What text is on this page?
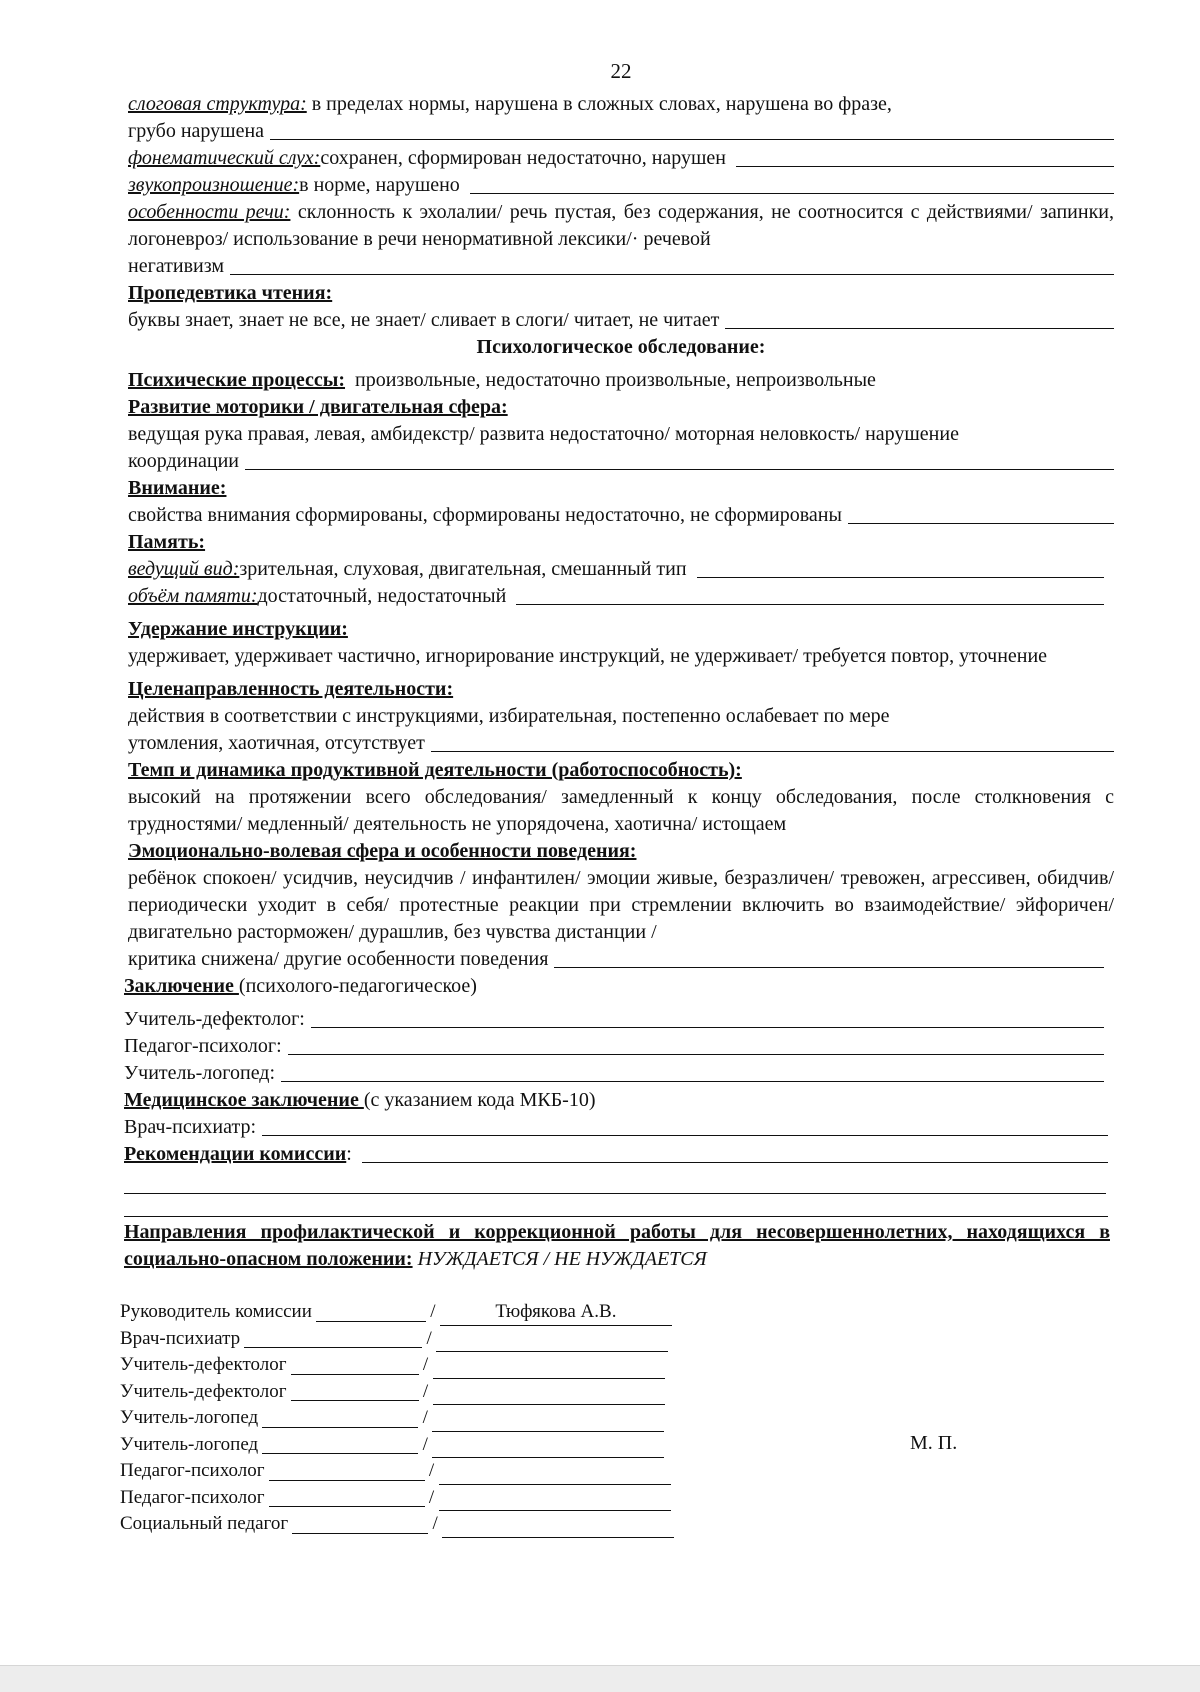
22
слоговая структура: в пределах нормы, нарушена в сложных словах, нарушена во фразе,
грубо нарушена
фонематический слух: сохранен, сформирован недостаточно, нарушен
звукопроизношение: в норме, нарушено
особенности речи: склонность к эхолалии/ речь пустая, без содержания, не соотносится с действиями/ запинки, логоневроз/ использование в речи ненормативной лексики/· речевой
негативизм
Пропедевтика чтения:
буквы знает, знает не все, не знает/ сливает в слоги/ читает, не читает
Психологическое обследование:
Психические процессы: произвольные, недостаточно произвольные, непроизвольные
Развитие моторики / двигательная сфера:
ведущая рука правая, левая, амбидекстр/ развита недостаточно/ моторная неловкость/ нарушение
координации
Внимание:
свойства внимания сформированы, сформированы недостаточно, не сформированы
Память:
ведущий вид: зрительная, слуховая, двигательная, смешанный тип
объём памяти: достаточный, недостаточный
Удержание инструкции:
удерживает, удерживает частично, игнорирование инструкций, не удерживает/ требуется повтор, уточнение
Целенаправленность деятельности:
действия в соответствии с инструкциями, избирательная, постепенно ослабевает по мере
утомления, хаотичная, отсутствует
Темп и динамика продуктивной деятельности (работоспособность):
высокий на протяжении всего обследования/ замедленный к концу обследования, после столкновения с трудностями/ медленный/ деятельность не упорядочена, хаотична/ истощаем
Эмоционально-волевая сфера и особенности поведения:
ребёнок спокоен/ усидчив, неусидчив / инфантилен/ эмоции живые, безразличен/ тревожен, агрессивен, обидчив/периодически уходит в себя/ протестные реакции при стремлении включить во взаимодействие/ эйфоричен/ двигательно расторможен/ дурашлив, без чувства дистанции /
критика снижена/ другие особенности поведения
Заключение (психолого-педагогическое)
Учитель-дефектолог:
Педагог-психолог:
Учитель-логопед:
Медицинское заключение (с указанием кода МКБ-10)
Врач-психиатр:
Рекомендации комиссии :
Направления профилактической и коррекционной работы для несовершеннолетних, находящихся в социально-опасном положении: НУЖДАЕТСЯ / НЕ НУЖДАЕТСЯ
Руководитель комиссии	/	Тюфякова А.В.
Врач-психиатр	/

Учитель-дефектолог	/

Учитель-дефектолог	/

Учитель-логопед	/

Учитель-логопед	/

Педагог-психолог	/

Педагог-психолог	/

Социальный педагог	/

М. П.
